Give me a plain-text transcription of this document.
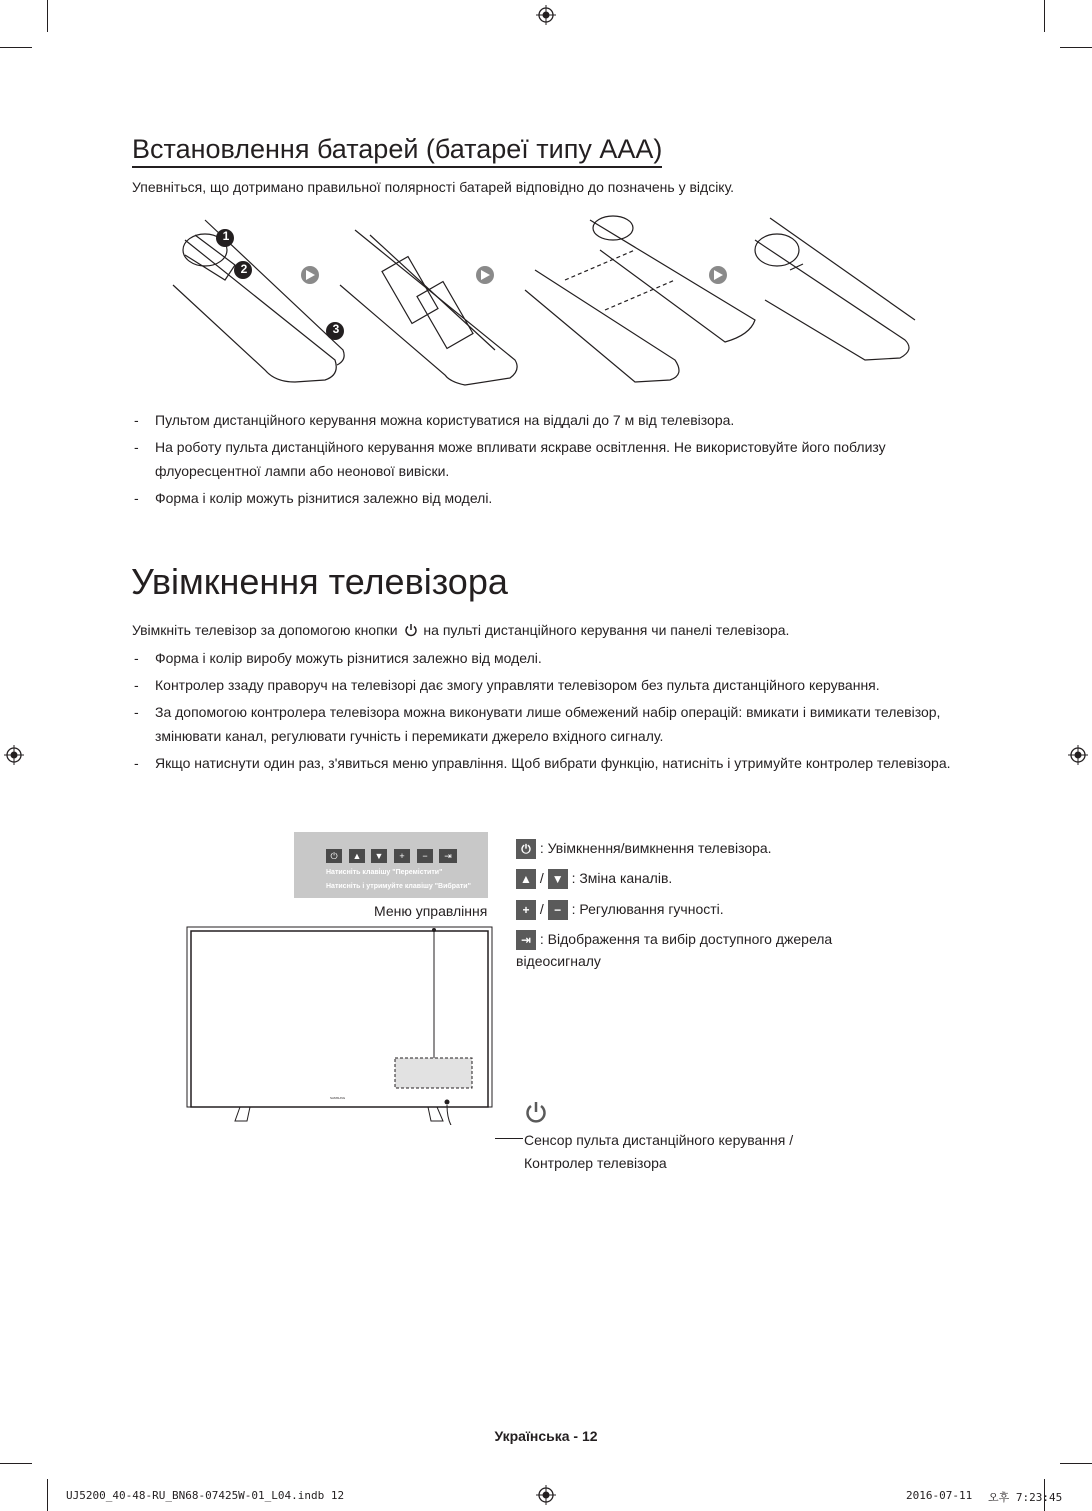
Встановлення батарей (батареї типу AAA)
Упевніться, що дотримано правильної полярності батарей відповідно до позначень у відсіку.
1
2
3
- Пультом дистанційного керування можна користуватися на віддалі до 7 м від телевізора.
- На роботу пульта дистанційного керування може впливати яскраве освітлення. Не використовуйте його поблизу флуоресцентної лампи або неонової вивіски.
- Форма і колір можуть різнитися залежно від моделі.
Увімкнення телевізора
Увімкніть телевізор за допомогою кнопки на пульті дистанційного керування чи панелі телевізора.
- Форма і колір виробу можуть різнитися залежно від моделі.
- Контролер ззаду праворуч на телевізорі дає змогу управляти телевізором без пульта дистанційного керування.
- За допомогою контролера телевізора можна виконувати лише обмежений набір операцій: вмикати і вимикати телевізор, змінювати канал, регулювати гучність і перемикати джерело вхідного сигналу.
- Якщо натиснути один раз, з'явиться меню управління. Щоб вибрати функцію, натисніть і утримуйте контролер телевізора.
⏻	▲	▼	+	−	⇥
Натисніть клавішу "Перемістити"
Натисніть і утримуйте клавішу "Вибрати"
Меню управління
SAMSUNG
⏻ : Увімкнення/вимкнення телевізора.
▲ / ▼ : Зміна каналів.
+ / − : Регулювання гучності.
⇥ : Відображення та вибір доступного джерела
відеосигналу
Сенсор пульта дистанційного керування /
Контролер телевізора
Українська - 12
UJ5200_40-48-RU_BN68-07425W-01_L04.indb 12	2016-07-11 오후 7:23:45
